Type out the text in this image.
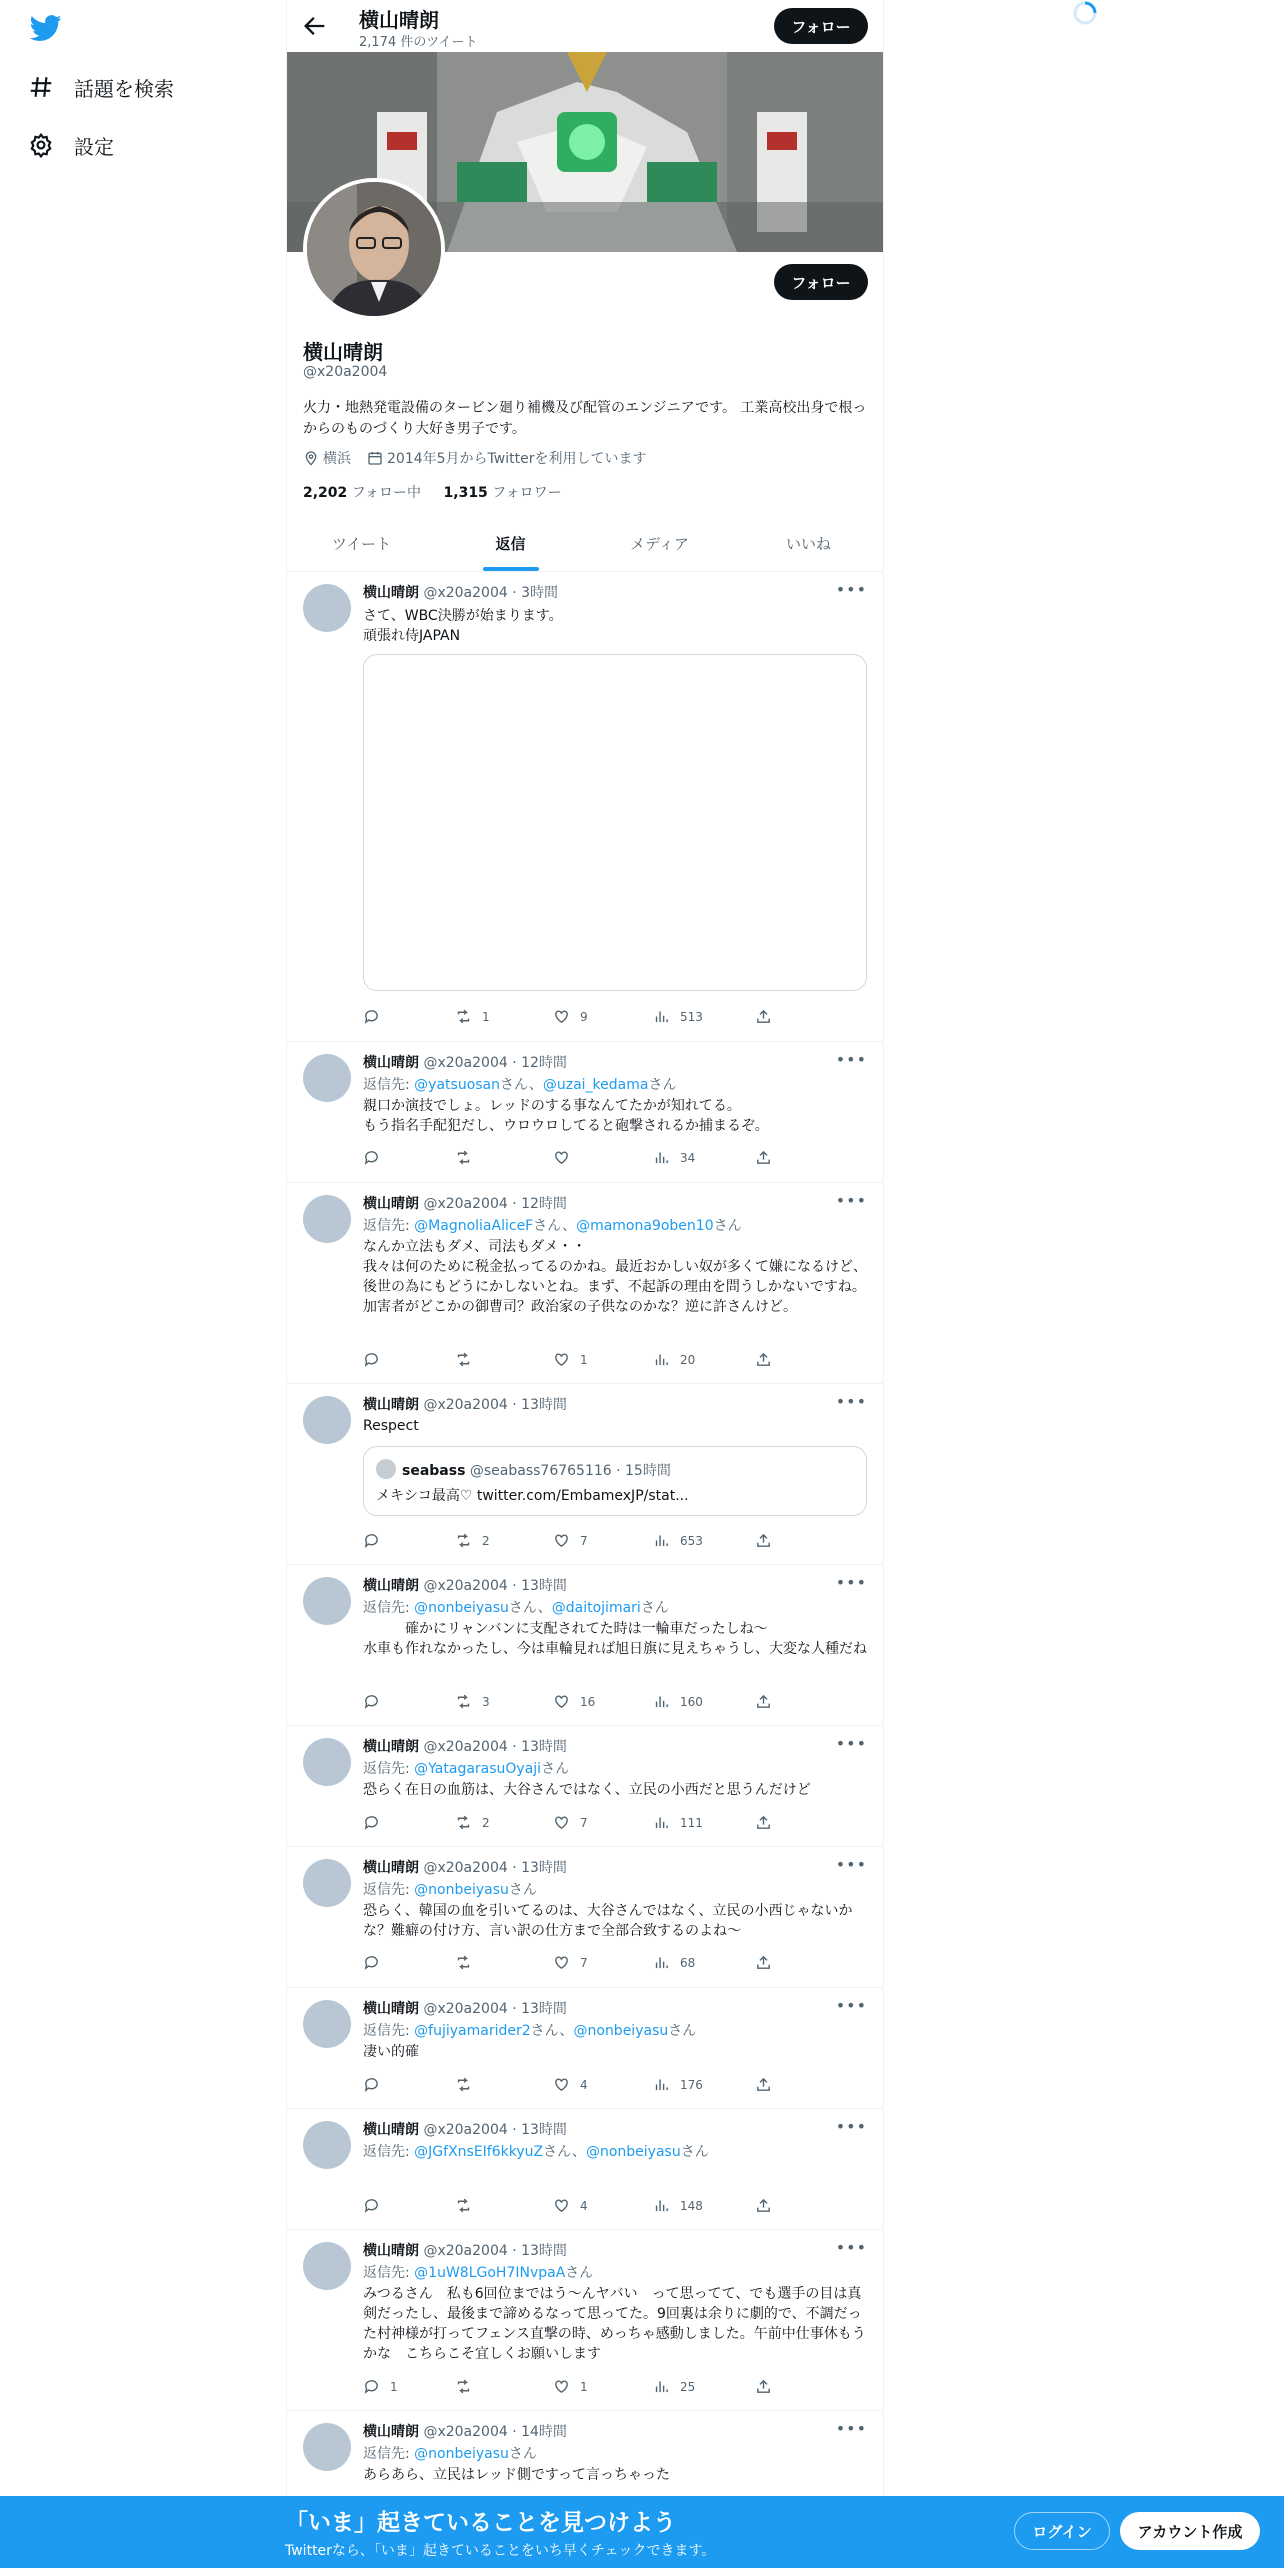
話題を検索
設定
横山晴朗
2,174 件のツイート
フォロー
フォロー
横山晴朗
@x20a2004
火力・地熱発電設備のタービン廻り補機及び配管のエンジニアです。 工業高校出身で根っからのものづくり大好き男子です。
横浜	2014年5月からTwitterを利用しています
2,202 フォロー中 1,315 フォロワー
ツイート	返信	メディア	いいね
横山晴朗 @x20a2004 · 3時間	•••
さて、WBC決勝が始まります。
頑張れ侍JAPAN
1	9	513
横山晴朗 @x20a2004 · 12時間	•••
返信先: @yatsuosanさん、@uzai_kedamaさん
親口か演技でしょ。レッドのする事なんてたかが知れてる。
もう指名手配犯だし、ウロウロしてると砲撃されるか捕まるぞ。
34
横山晴朗 @x20a2004 · 12時間	•••
返信先: @MagnoliaAliceFさん、@mamona9oben10さん
なんか立法もダメ、司法もダメ・・
我々は何のために税金払ってるのかね。最近おかしい奴が多くて嫌になるけど、後世の為にもどうにかしないとね。まず、不起訴の理由を問うしかないですね。加害者がどこかの御曹司？政治家の子供なのかな？逆に許さんけど。
1	20
横山晴朗 @x20a2004 · 13時間	•••
Respect
seabass @seabass76765116 · 15時間
メキシコ最高♡ twitter.com/EmbamexJP/stat...
2	7	653
横山晴朗 @x20a2004 · 13時間	•••
返信先: @nonbeiyasuさん、@daitojimariさん
　　　確かにリャンバンに支配されてた時は一輪車だったしね〜
水車も作れなかったし、今は車輪見れば旭日旗に見えちゃうし、大変な人種だね
3	16	160
横山晴朗 @x20a2004 · 13時間	•••
返信先: @YatagarasuOyajiさん
恐らく在日の血筋は、大谷さんではなく、立民の小西だと思うんだけど
2	7	111
横山晴朗 @x20a2004 · 13時間	•••
返信先: @nonbeiyasuさん
恐らく、韓国の血を引いてるのは、大谷さんではなく、立民の小西じゃないかな？難癖の付け方、言い訳の仕方まで全部合致するのよね〜
7	68
横山晴朗 @x20a2004 · 13時間	•••
返信先: @fujiyamarider2さん、@nonbeiyasuさん
凄い的確
4	176
横山晴朗 @x20a2004 · 13時間	•••
返信先: @JGfXnsEIf6kkyuZさん、@nonbeiyasuさん
4	148
横山晴朗 @x20a2004 · 13時間	•••
返信先: @1uW8LGoH7INvpaAさん
みつるさん　私も6回位まではう〜んヤバい　って思ってて、でも選手の目は真剣だったし、最後まで諦めるなって思ってた。9回裏は余りに劇的で、不調だった村神様が打ってフェンス直撃の時、めっちゃ感動しました。午前中仕事休もうかな　こちらこそ宜しくお願いします
1	1	25
横山晴朗 @x20a2004 · 14時間	•••
返信先: @nonbeiyasuさん
あらあら、立民はレッド側ですって言っちゃった
「いま」起きていることを見つけよう
Twitterなら、「いま」起きていることをいち早くチェックできます。
ログイン	アカウント作成
